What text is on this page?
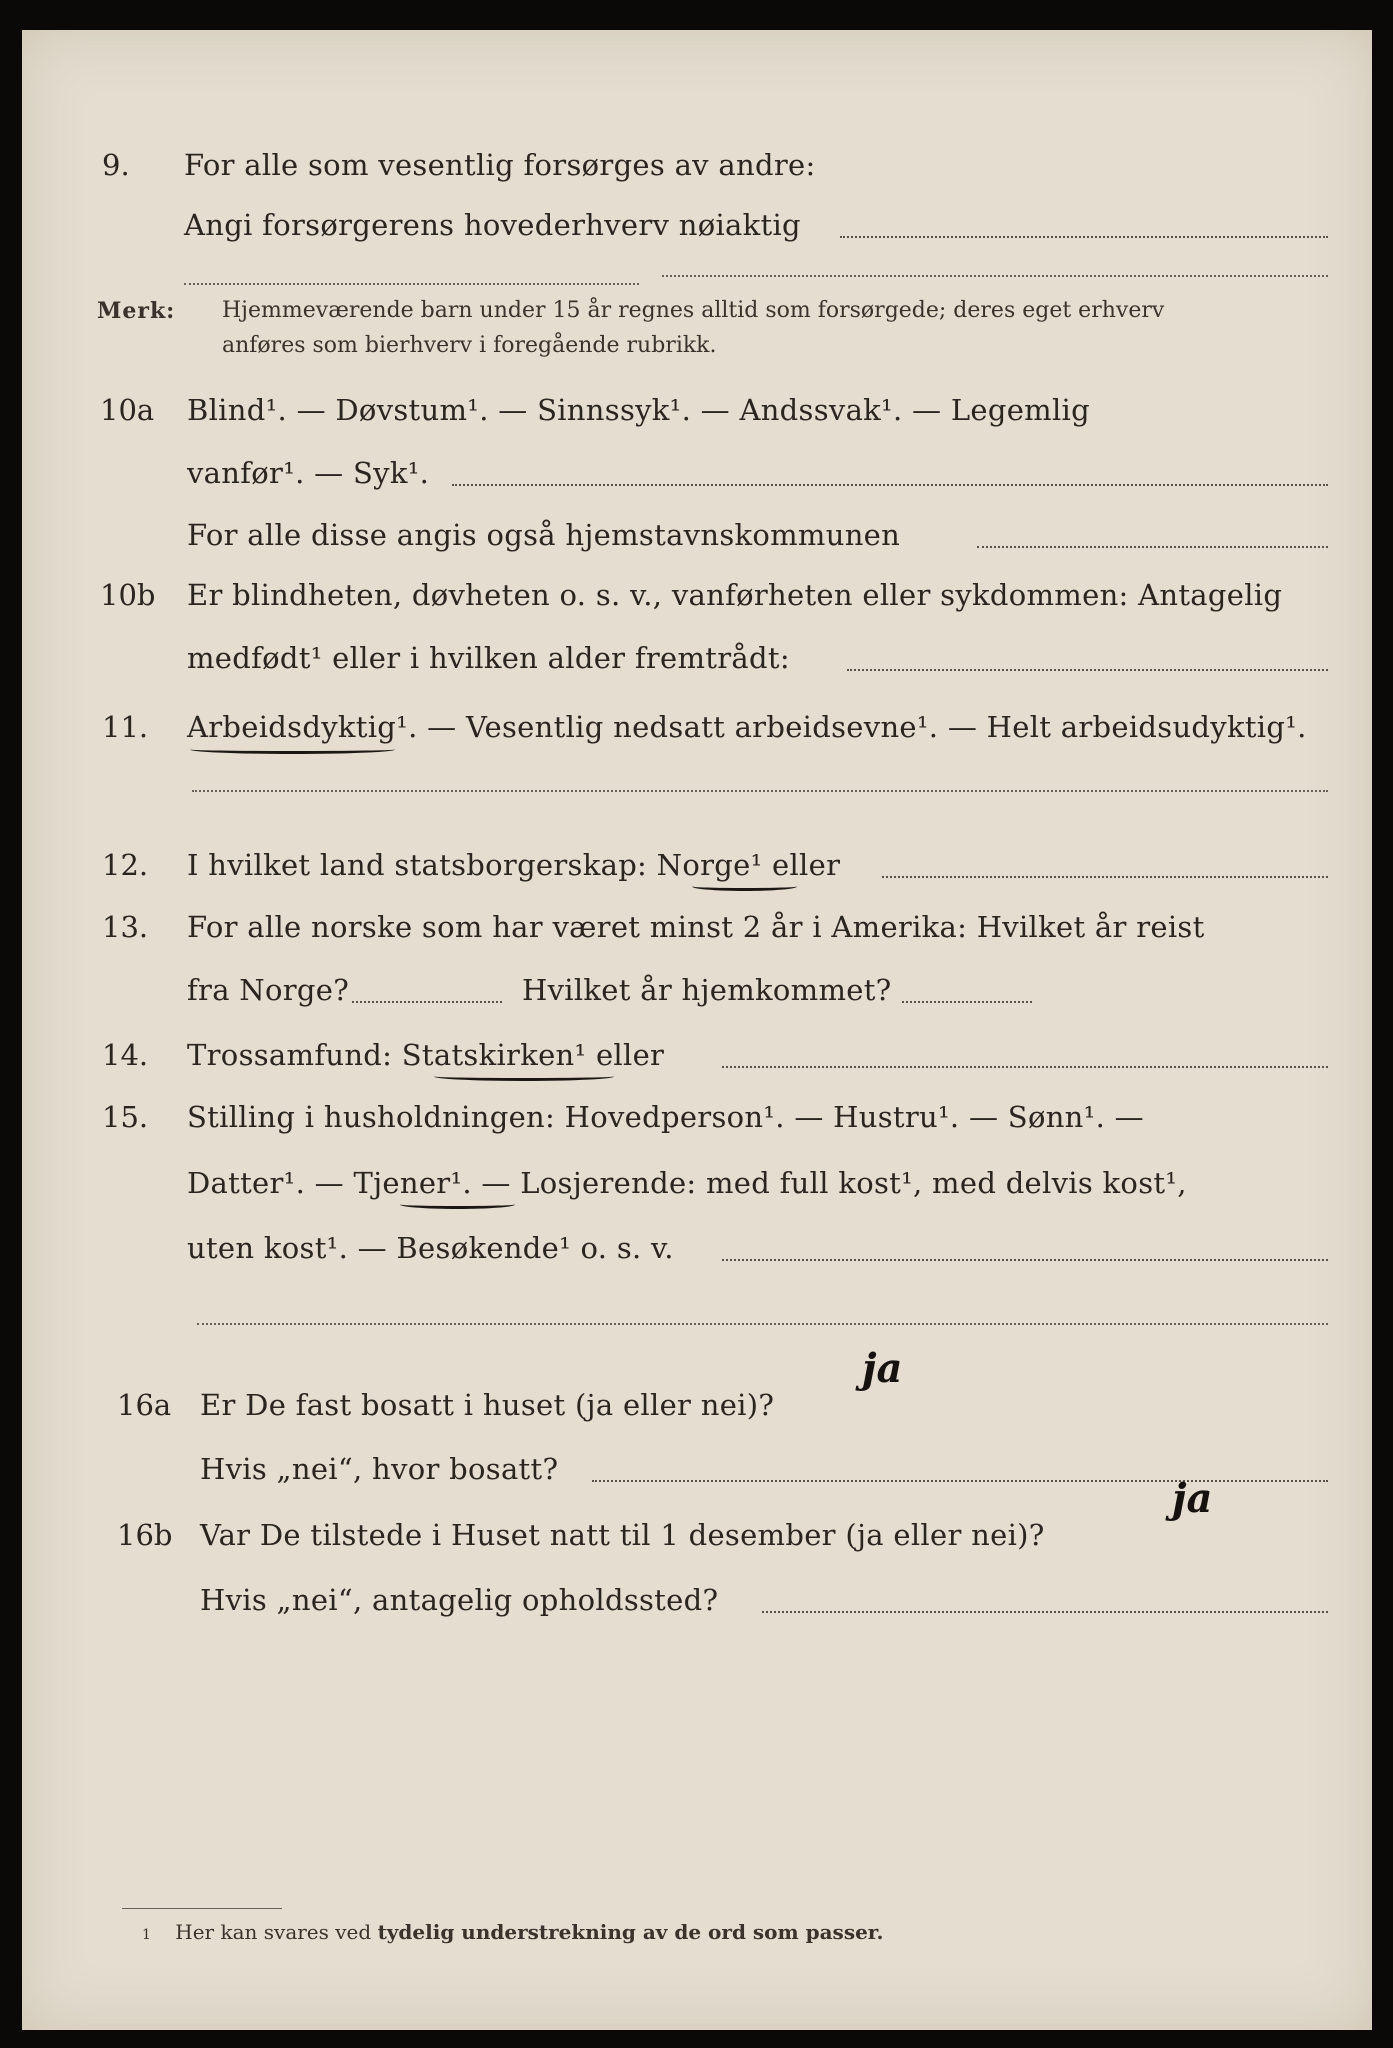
9. For alle som vesentlig forsørges av andre:
Angi forsørgerens hovederhverv nøiaktig
Merk: Hjemmeværende barn under 15 år regnes alltid som forsørgede; deres eget erhverv
anføres som bierhverv i foregående rubrikk.
10a Blind¹. — Døvstum¹. — Sinnssyk¹. — Andssvak¹. — Legemlig
vanfør¹. — Syk¹.
For alle disse angis også hjemstavnskommunen
10b Er blindheten, døvheten o. s. v., vanførheten eller sykdommen: Antagelig
medfødt¹ eller i hvilken alder fremtrådt:
11. Arbeidsdyktig¹. — Vesentlig nedsatt arbeidsevne¹. — Helt arbeidsudyktig¹.
12. I hvilket land statsborgerskap: Norge¹ eller
13. For alle norske som har været minst 2 år i Amerika: Hvilket år reist
fra Norge?	Hvilket år hjemkommet?
14. Trossamfund: Statskirken¹ eller
15. Stilling i husholdningen: Hovedperson¹. — Hustru¹. — Sønn¹. —
Datter¹. — Tjener¹. — Losjerende: med full kost¹, med delvis kost¹,
uten kost¹. — Besøkende¹ o. s. v.
16a Er De fast bosatt i huset (ja eller nei)?
ja
Hvis „nei“, hvor bosatt?
16b Var De tilstede i Huset natt til 1 desember (ja eller nei)?
ja
Hvis „nei“, antagelig opholdssted?
1 Her kan svares ved tydelig understrekning av de ord som passer.
